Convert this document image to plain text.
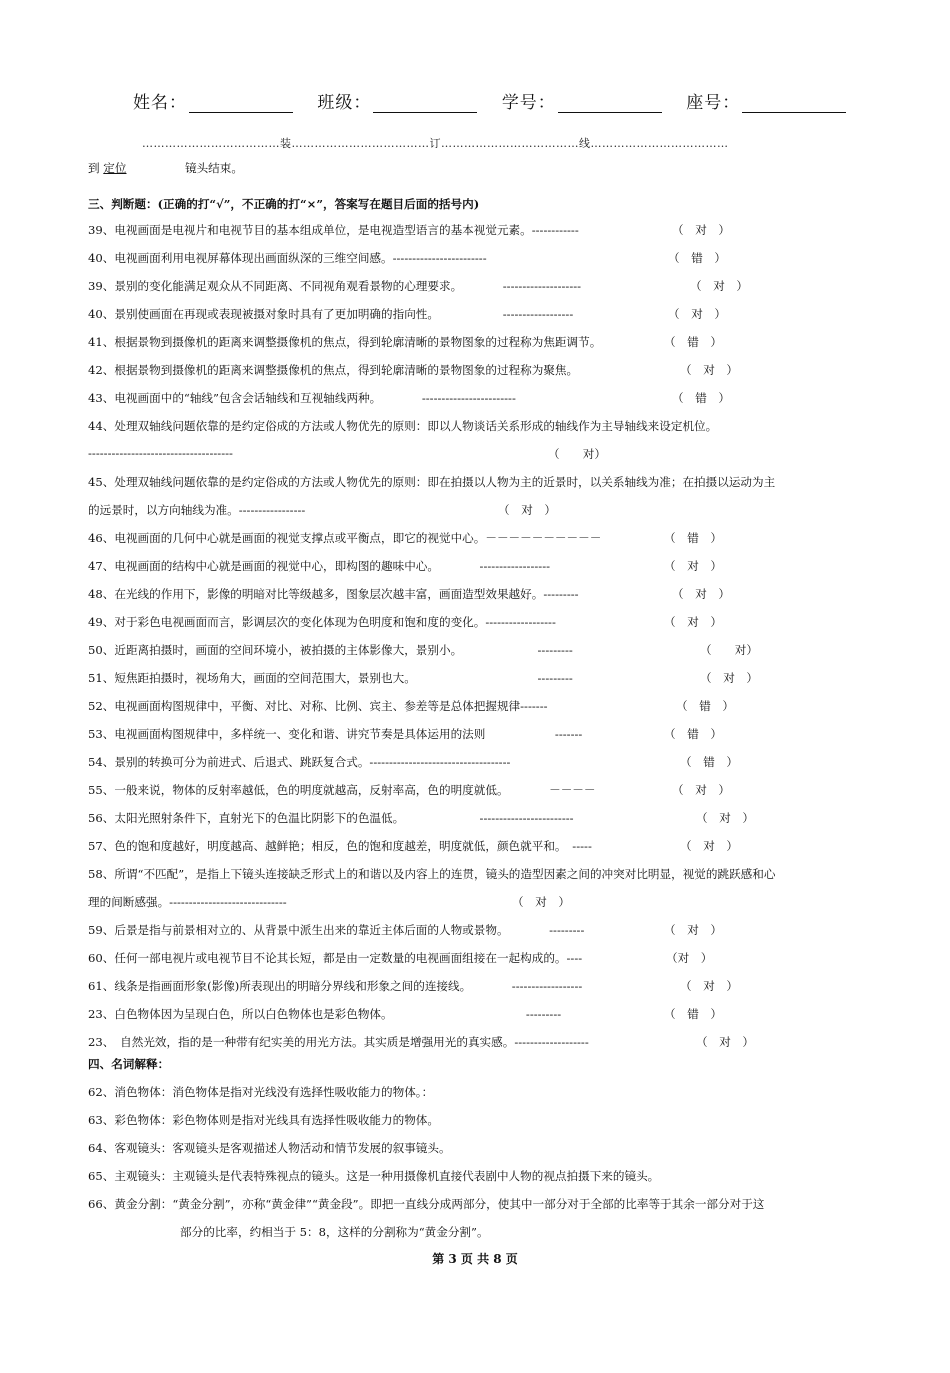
姓名：	班级：	学号：	座号：
………………………………装………………………………订………………………………线………………………………
到 定位	镜头结束。
三、判断题：(正确的打“√”，不正确的打“×”，答案写在题目后面的括号内)
39、电视画面是电视片和电视节目的基本组成单位，是电视造型语言的基本视觉元素。------------	（　对　）
40、电视画面利用电视屏幕体现出画面纵深的三维空间感。------------------------	（　错　）
39、景别的变化能满足观众从不同距离、不同视角观看景物的心理要求。　　　　--------------------	（　对　）
40、景别使画面在再现或表现被摄对象时具有了更加明确的指向性。　　　　　　------------------	（　对　）
41、根据景物到摄像机的距离来调整摄像机的焦点，得到轮廓清晰的景物图象的过程称为焦距调节。	（　错　）
42、根据景物到摄像机的距离来调整摄像机的焦点，得到轮廓清晰的景物图象的过程称为聚焦。	（　对　）
43、电视画面中的“轴线”包含会话轴线和互视轴线两种。　　　　------------------------	（　错　）
44、处理双轴线问题依靠的是约定俗成的方法或人物优先的原则：即以人物谈话关系形成的轴线作为主导轴线来设定机位。
-------------------------------------	（　　对）
45、处理双轴线问题依靠的是约定俗成的方法或人物优先的原则：即在拍摄以人物为主的近景时，以关系轴线为准；在拍摄以运动为主
的远景时，以方向轴线为准。-----------------	（　对　）
46、电视画面的几何中心就是画面的视觉支撑点或平衡点，即它的视觉中心。－－－－－－－－－－	（　错　）
47、电视画面的结构中心就是画面的视觉中心，即构图的趣味中心。　　　　------------------	（　对　）
48、在光线的作用下，影像的明暗对比等级越多，图象层次越丰富，画面造型效果越好。---------	（　对　）
49、对于彩色电视画面而言，影调层次的变化体现为色明度和饱和度的变化。------------------	（　对　）
50、近距离拍摄时，画面的空间环境小，被拍摄的主体影像大，景别小。　　　　　　　---------	（　　对）
51、短焦距拍摄时，视场角大，画面的空间范围大，景别也大。　　　　　　　　　　　---------	（　对　）
52、电视画面构图规律中，平衡、对比、对称、比例、宾主、参差等是总体把握规律-------	（　错　）
53、电视画面构图规律中，多样统一、变化和谐、讲究节奏是具体运用的法则　　　　　　-------	（　错　）
54、景别的转换可分为前进式、后退式、跳跃复合式。------------------------------------	（　错　）
55、一般来说，物体的反射率越低，色的明度就越高，反射率高，色的明度就低。　　　　－－－－	（　对　）
56、太阳光照射条件下，直射光下的色温比阴影下的色温低。　　　　　　　------------------------	（　对　）
57、色的饱和度越好，明度越高、越鲜艳；相反，色的饱和度越差，明度就低，颜色就平和。　-----	（　对　）
58、所谓“不匹配”，是指上下镜头连接缺乏形式上的和谐以及内容上的连贯，镜头的造型因素之间的冲突对比明显，视觉的跳跃感和心
理的间断感强。------------------------------	（　对　）
59、后景是指与前景相对立的、从背景中派生出来的靠近主体后面的人物或景物。　　　　---------	（　对　）
60、任何一部电视片或电视节目不论其长短，都是由一定数量的电视画面组接在一起构成的。----	（对　）
61、线条是指画面形象(影像)所表现出的明暗分界线和形象之间的连接线。　　　　------------------	（　对　）
23、白色物体因为呈现白色，所以白色物体也是彩色物体。　　　　　　　　　　　　---------	（　错　）
23、　自然光效，指的是一种带有纪实美的用光方法。其实质是增强用光的真实感。-------------------	（　对　）
四、名词解释：
62、消色物体：消色物体是指对光线没有选择性吸收能力的物体。：
63、彩色物体：彩色物体则是指对光线具有选择性吸收能力的物体。
64、客观镜头：客观镜头是客观描述人物活动和情节发展的叙事镜头。
65、主观镜头：主观镜头是代表特殊视点的镜头。这是一种用摄像机直接代表剧中人物的视点拍摄下来的镜头。
66、黄金分割：“黄金分割”，亦称“黄金律”“黄金段”。即把一直线分成两部分，使其中一部分对于全部的比率等于其余一部分对于这
部分的比率，约相当于 5：8，这样的分割称为“黄金分割”。
第 3 页 共 8 页
